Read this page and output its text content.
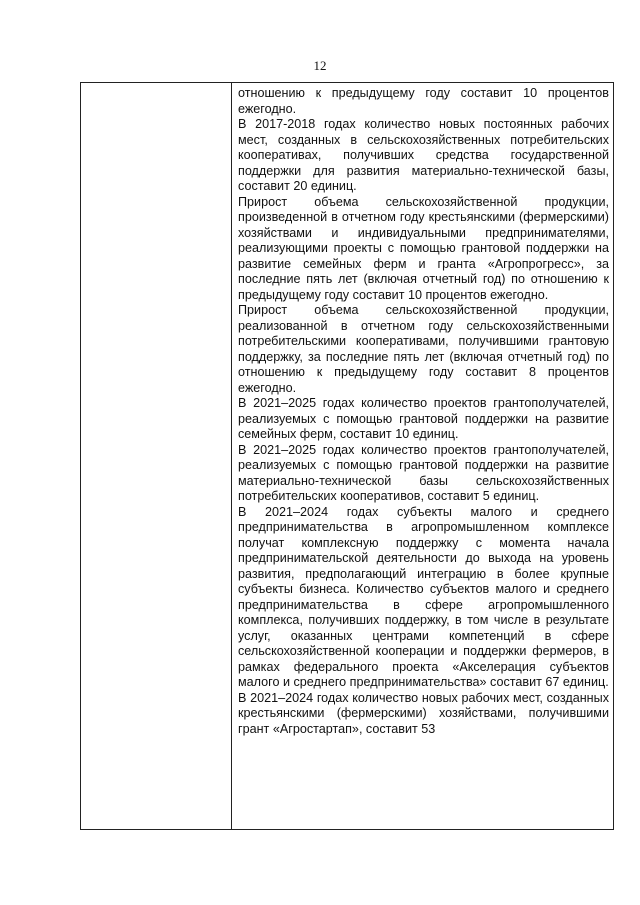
12

отношению к предыдущему году составит 10 процентов ежегодно.

В 2017-2018 годах количество новых постоянных рабочих мест, созданных в сельскохозяйственных потребительских кооперативах, получивших средства государственной поддержки для развития материально-технической базы, составит 20 единиц.

Прирост объема сельскохозяйственной продукции, произведенной в отчетном году крестьянскими (фермерскими) хозяйствами и индивидуальными предпринимателями, реализующими проекты с помощью грантовой поддержки на развитие семейных ферм и гранта «Агропрогресс», за последние пять лет (включая отчетный год) по отношению к предыдущему году составит 10 процентов ежегодно.

Прирост объема сельскохозяйственной продукции, реализованной в отчетном году сельскохозяйственными потребительскими кооперативами, получившими грантовую поддержку, за последние пять лет (включая отчетный год) по отношению к предыдущему году составит 8 процентов ежегодно.

В 2021–2025 годах количество проектов грантополучателей, реализуемых с помощью грантовой поддержки на развитие семейных ферм, составит 10 единиц.

В 2021–2025 годах количество проектов грантополучателей, реализуемых с помощью грантовой поддержки на развитие материально-технической базы сельскохозяйственных потребительских кооперативов, составит 5 единиц.

В 2021–2024 годах субъекты малого и среднего предпринимательства в агропромышленном комплексе получат комплексную поддержку с момента начала предпринимательской деятельности до выхода на уровень развития, предполагающий интеграцию в более крупные субъекты бизнеса. Количество субъектов малого и среднего предпринимательства в сфере агропромышленного комплекса, получивших поддержку, в том числе в результате услуг, оказанных центрами компетенций в сфере сельскохозяйственной кооперации и поддержки фермеров, в рамках федерального проекта «Акселерация субъектов малого и среднего предпринимательства» составит 67 единиц.

В 2021–2024 годах количество новых рабочих мест, созданных крестьянскими (фермерскими) хозяйствами, получившими грант «Агростартап», составит 53
